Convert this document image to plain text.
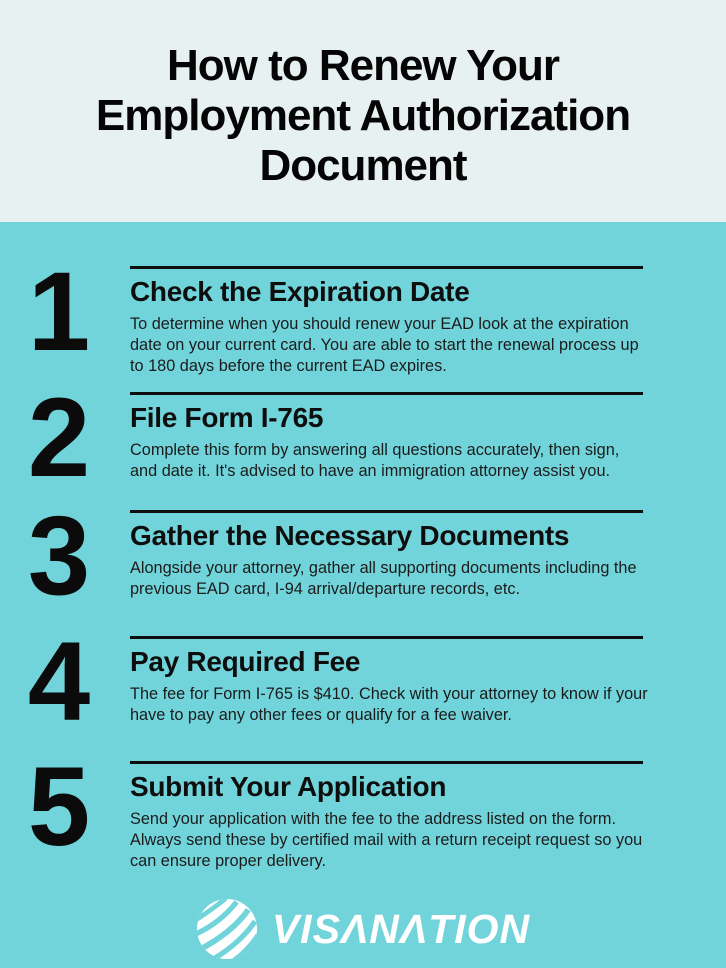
How to Renew Your
Employment Authorization
Document
1	Check the Expiration Date

To determine when you should renew your EAD look at the expiration date on your current card. You are able to start the renewal process up to 180 days before the current EAD expires.

2	File Form I-765

Complete this form by answering all questions accurately, then sign, and date it. It's advised to have an immigration attorney assist you.

3	Gather the Necessary Documents

Alongside your attorney, gather all supporting documents including the previous EAD card, I-94 arrival/departure records, etc.

4	Pay Required Fee

The fee for Form I-765 is $410. Check with your attorney to know if your have to pay any other fees or qualify for a fee waiver.

5	Submit Your Application

Send your application with the fee to the address listed on the form. Always send these by certified mail with a return receipt request so you can ensure proper delivery.

VISΛNΛTION
